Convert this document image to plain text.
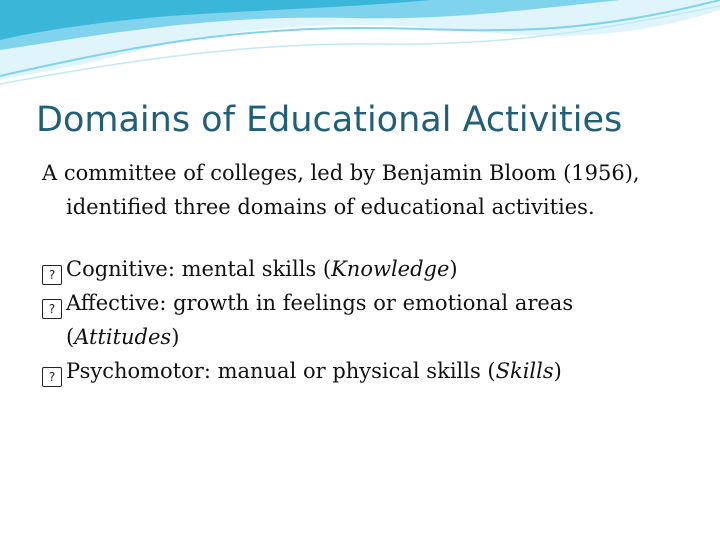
Domains of Educational Activities

A committee of colleges, led by Benjamin Bloom (1956), identified three domains of educational activities.

? Cognitive: mental skills (Knowledge)

? Affective: growth in feelings or emotional areas (Attitudes)

? Psychomotor: manual or physical skills (Skills)
